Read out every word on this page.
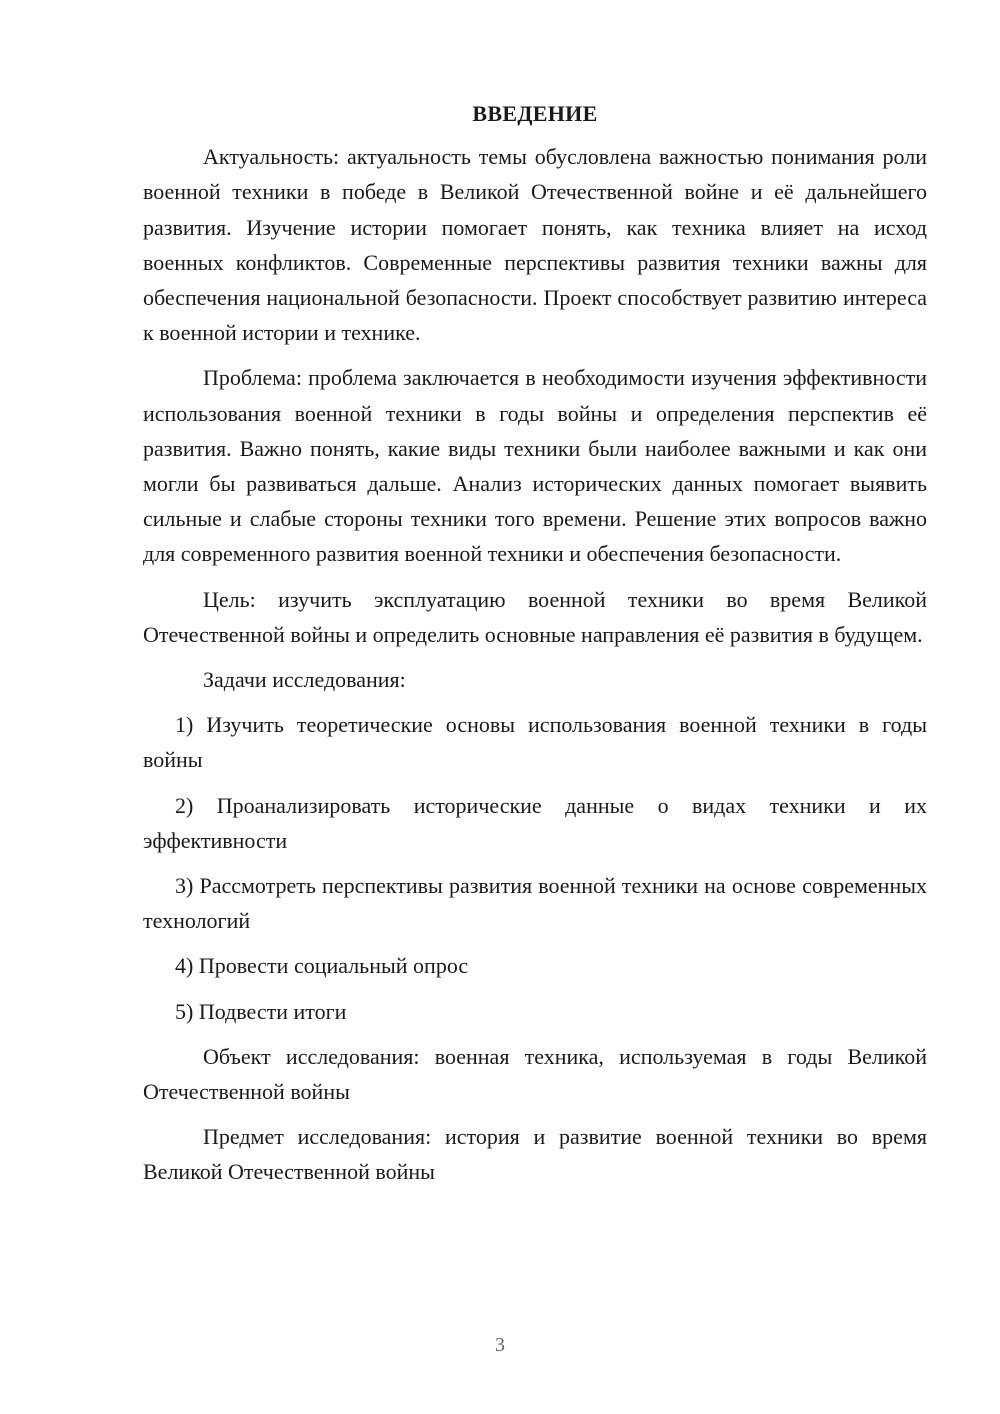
ВВЕДЕНИЕ

Актуальность: актуальность темы обусловлена важностью понимания роли военной техники в победе в Великой Отечественной войне и её дальнейшего развития. Изучение истории помогает понять, как техника влияет на исход военных конфликтов. Современные перспективы развития техники важны для обеспечения национальной безопасности. Проект способствует развитию интереса к военной истории и технике.

Проблема: проблема заключается в необходимости изучения эффективности использования военной техники в годы войны и определения перспектив её развития. Важно понять, какие виды техники были наиболее важными и как они могли бы развиваться дальше. Анализ исторических данных помогает выявить сильные и слабые стороны техники того времени. Решение этих вопросов важно для современного развития военной техники и обеспечения безопасности.

Цель: изучить эксплуатацию военной техники во время Великой Отечественной войны и определить основные направления её развития в будущем.

Задачи исследования:

1) Изучить теоретические основы использования военной техники в годы войны

2) Проанализировать исторические данные о видах техники и их эффективности

3) Рассмотреть перспективы развития военной техники на основе современных технологий

4) Провести социальный опрос

5) Подвести итоги

Объект исследования: военная техника, используемая в годы Великой Отечественной войны

Предмет исследования: история и развитие военной техники во время Великой Отечественной войны

3
